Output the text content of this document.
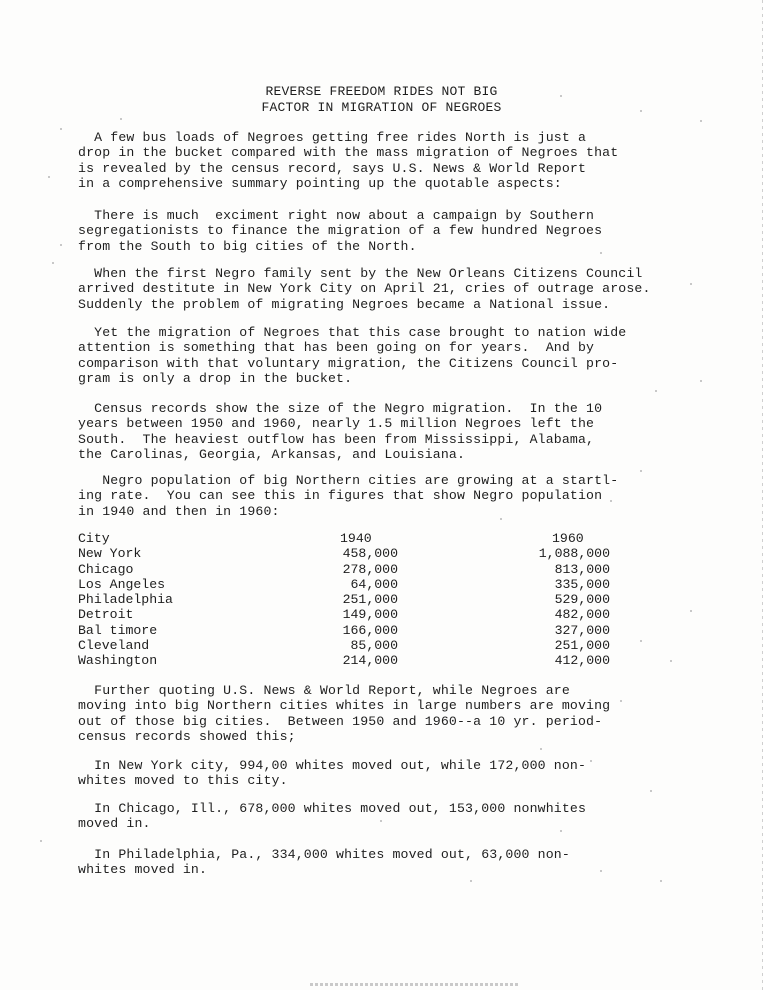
REVERSE FREEDOM RIDES NOT BIG
FACTOR IN MIGRATION OF NEGROES
City	1940	1960
New York	458,000	1,088,000
Chicago	278,000	813,000
Los Angeles	64,000	335,000
Philadelphia	251,000	529,000
Detroit	149,000	482,000
Bal timore	166,000	327,000
Cleveland	85,000	251,000
Washington	214,000	412,000
A few bus loads of Negroes getting free rides North is just a
drop in the bucket compared with the mass migration of Negroes that
is revealed by the census record, says U.S. News & World Report
in a comprehensive summary pointing up the quotable aspects:
There is much  exciment right now about a campaign by Southern
segregationists to finance the migration of a few hundred Negroes
from the South to big cities of the North.
When the first Negro family sent by the New Orleans Citizens Council
arrived destitute in New York City on April 21, cries of outrage arose.
Suddenly the problem of migrating Negroes became a National issue.
Yet the migration of Negroes that this case brought to nation wide
attention is something that has been going on for years.  And by
comparison with that voluntary migration, the Citizens Council pro-
gram is only a drop in the bucket.
Census records show the size of the Negro migration.  In the 10
years between 1950 and 1960, nearly 1.5 million Negroes left the
South.  The heaviest outflow has been from Mississippi, Alabama,
the Carolinas, Georgia, Arkansas, and Louisiana.
Negro population of big Northern cities are growing at a startl-
ing rate.  You can see this in figures that show Negro population
in 1940 and then in 1960:
Further quoting U.S. News & World Report, while Negroes are
moving into big Northern cities whites in large numbers are moving
out of those big cities.  Between 1950 and 1960--a 10 yr. period-
census records showed this;
In New York city, 994,00 whites moved out, while 172,000 non-
whites moved to this city.
In Chicago, Ill., 678,000 whites moved out, 153,000 nonwhites
moved in.
In Philadelphia, Pa., 334,000 whites moved out, 63,000 non-
whites moved in.
